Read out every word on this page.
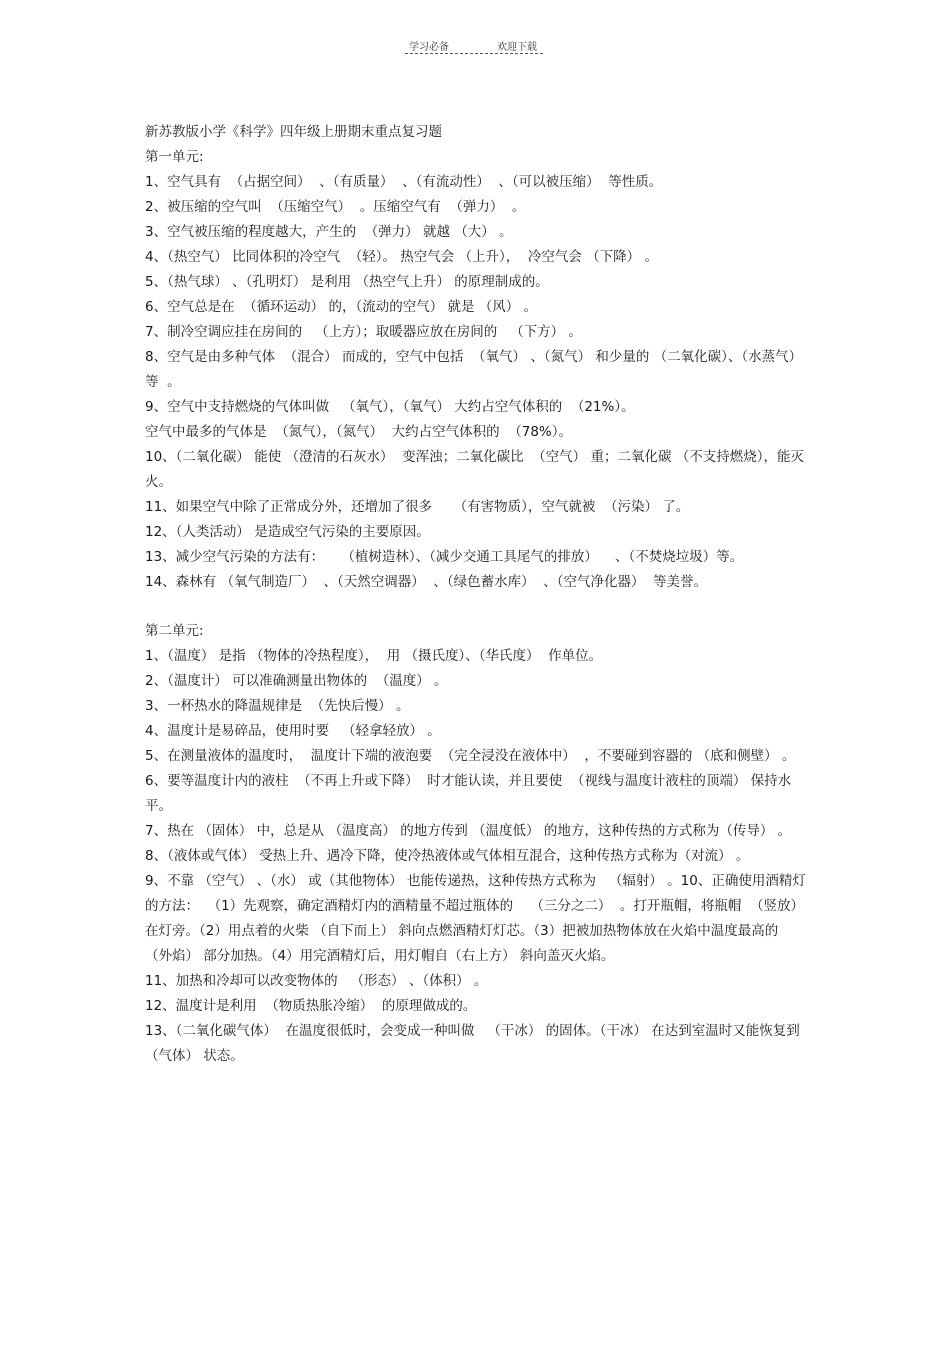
学习必备	欢迎下载
新苏教版小学《科学》四年级上册期末重点复习题
第一单元:

1、空气具有  （占据空间）  、（有质量）  、（有流动性）  、（可以被压缩）  等性质。

2、被压缩的空气叫  （压缩空气）  。压缩空气有  （弹力）  。

3、空气被压缩的程度越大，产生的  （弹力） 就越 （大） 。

4、（热空气） 比同体积的冷空气  （轻）。 热空气会 （上升），  冷空气会 （下降） 。

5、（热气球） 、（孔明灯） 是利用 （热空气上升） 的原理制成的。

6、空气总是在  （循环运动） 的，（流动的空气） 就是 （风） 。

7、制冷空调应挂在房间的   （上方）；取暖器应放在房间的   （下方） 。

8、空气是由多种气体  （混合） 而成的，空气中包括  （氧气） 、（氮气） 和少量的 （二氧化碳）、（水蒸气）等  。

9、空气中支持燃烧的气体叫做   （氧气），（氧气） 大约占空气体积的  （21%）。

空气中最多的气体是  （氮气），（氮气）  大约占空气体积的  （78%）。

10、（二氧化碳） 能使 （澄清的石灰水）  变浑浊；二氧化碳比  （空气） 重；二氧化碳 （不支持燃烧），能灭火。

11、如果空气中除了正常成分外，还增加了很多     （有害物质），空气就被  （污染） 了。

12、（人类活动） 是造成空气污染的主要原因。

13、减少空气污染的方法有：    （植树造林）、（减少交通工具尾气的排放）    、（不焚烧垃圾）等。

14、森林有 （氧气制造厂）  、（天然空调器）  、（绿色蓄水库）  、（空气净化器）  等美誉。

第二单元:

1、（温度） 是指 （物体的冷热程度），  用 （摄氏度）、（华氏度）  作单位。

2、（温度计） 可以准确测量出物体的  （温度） 。

3、一杯热水的降温规律是  （先快后慢） 。

4、温度计是易碎品，使用时要   （轻拿轻放） 。

5、在测量液体的温度时，  温度计下端的液泡要  （完全浸没在液体中）  ，不要碰到容器的 （底和侧壁） 。

6、要等温度计内的液柱  （不再上升或下降）  时才能认读，并且要使  （视线与温度计液柱的顶端） 保持水平。

7、热在 （固体） 中，总是从 （温度高） 的地方传到 （温度低） 的地方，这种传热的方式称为（传导） 。

8、（液体或气体） 受热上升、遇冷下降，使冷热液体或气体相互混合，这种传热方式称为（对流） 。

9、不靠 （空气） 、（水） 或（其他物体） 也能传递热，这种传热方式称为   （辐射） 。10、正确使用酒精灯的方法：  （1）先观察，确定酒精灯内的酒精量不超过瓶体的    （三分之二）  。打开瓶帽，将瓶帽  （竖放） 在灯旁。（2）用点着的火柴 （自下而上） 斜向点燃酒精灯灯芯。（3）把被加热物体放在火焰中温度最高的    （外焰） 部分加热。（4）用完酒精灯后，用灯帽自（右上方） 斜向盖灭火焰。

11、加热和冷却可以改变物体的   （形态） 、（体积） 。

12、温度计是利用  （物质热胀冷缩）  的原理做成的。

13、（二氧化碳气体）  在温度很低时，会变成一种叫做   （干冰） 的固体。（干冰） 在达到室温时又能恢复到  （气体） 状态。
